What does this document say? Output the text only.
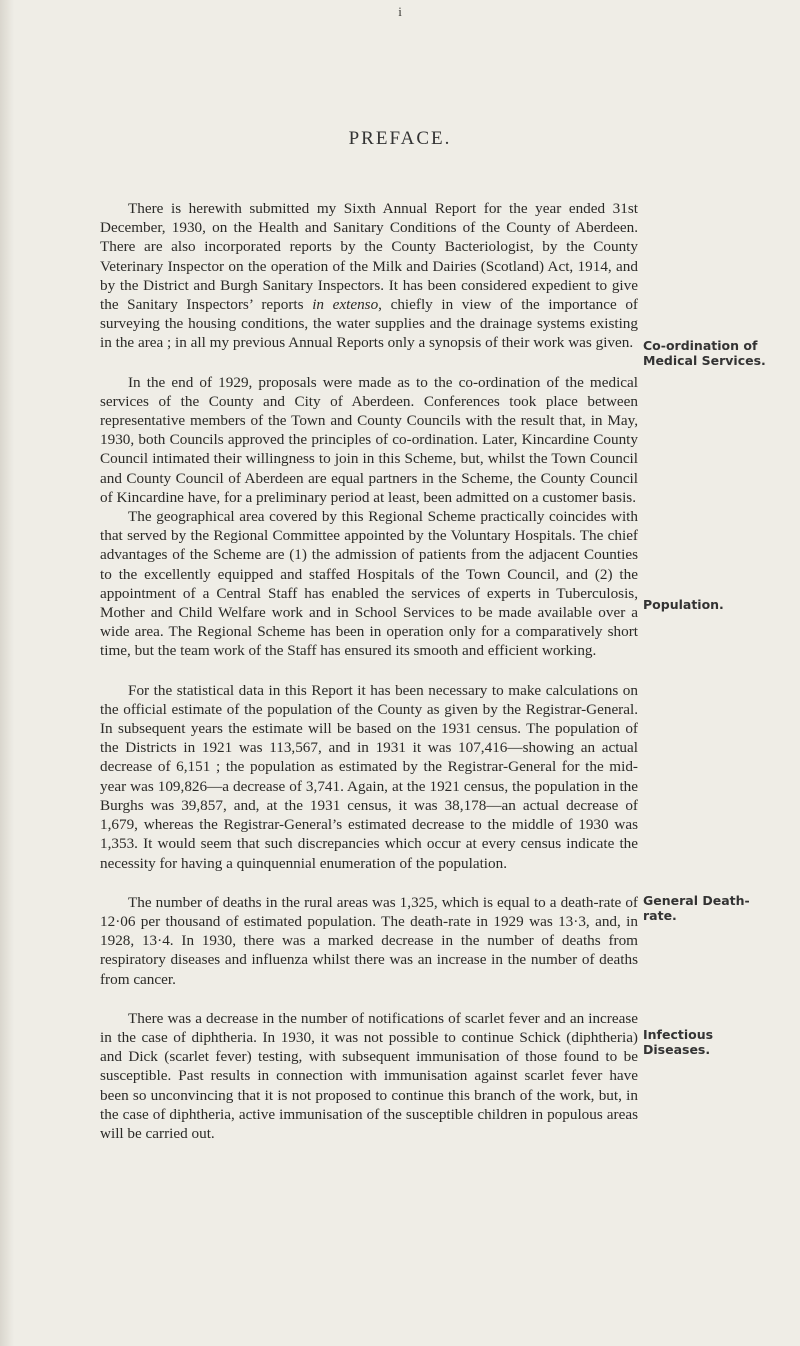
i
PREFACE.

There is herewith submitted my Sixth Annual Report for the year ended 31st December, 1930, on the Health and Sanitary Conditions of the County of Aberdeen. There are also incorporated reports by the County Bacteriologist, by the County Veterinary Inspector on the operation of the Milk and Dairies (Scotland) Act, 1914, and by the District and Burgh Sanitary Inspectors. It has been considered expedient to give the Sanitary Inspectors’ reports in extenso, chiefly in view of the importance of surveying the housing conditions, the water supplies and the drainage systems existing in the area ; in all my previous Annual Reports only a synopsis of their work was given.

In the end of 1929, proposals were made as to the co-ordination of the medical services of the County and City of Aberdeen. Conferences took place between representative members of the Town and County Councils with the result that, in May, 1930, both Councils approved the principles of co-ordination. Later, Kincardine County Council intimated their willingness to join in this Scheme, but, whilst the Town Council and County Council of Aberdeen are equal partners in the Scheme, the County Council of Kincardine have, for a preliminary period at least, been admitted on a customer basis.

The geographical area covered by this Regional Scheme practically coincides with that served by the Regional Committee appointed by the Voluntary Hospitals. The chief advantages of the Scheme are (1) the admission of patients from the adjacent Counties to the excellently equipped and staffed Hospitals of the Town Council, and (2) the appointment of a Central Staff has enabled the services of experts in Tuberculosis, Mother and Child Welfare work and in School Services to be made available over a wide area. The Regional Scheme has been in operation only for a comparatively short time, but the team work of the Staff has ensured its smooth and efficient working.

For the statistical data in this Report it has been necessary to make calculations on the official estimate of the population of the County as given by the Registrar-General. In subsequent years the estimate will be based on the 1931 census. The population of the Districts in 1921 was 113,567, and in 1931 it was 107,416—showing an actual decrease of 6,151 ; the population as estimated by the Registrar-General for the mid-year was 109,826—a decrease of 3,741. Again, at the 1921 census, the population in the Burghs was 39,857, and, at the 1931 census, it was 38,178—an actual decrease of 1,679, whereas the Registrar-General’s estimated decrease to the middle of 1930 was 1,353. It would seem that such discrepancies which occur at every census indicate the necessity for having a quinquennial enumeration of the population.

The number of deaths in the rural areas was 1,325, which is equal to a death-rate of 12·06 per thousand of estimated population. The death-rate in 1929 was 13·3, and, in 1928, 13·4. In 1930, there was a marked decrease in the number of deaths from respiratory diseases and influenza whilst there was an increase in the number of deaths from cancer.

There was a decrease in the number of notifications of scarlet fever and an increase in the case of diphtheria. In 1930, it was not possible to continue Schick (diphtheria) and Dick (scarlet fever) testing, with subsequent immunisation of those found to be susceptible. Past results in connection with immunisation against scarlet fever have been so unconvincing that it is not proposed to continue this branch of the work, but, in the case of diphtheria, active immunisation of the susceptible children in populous areas will be carried out.

Co-ordination of Medical Services.
Population.
General Death-rate.
Infectious Diseases.
